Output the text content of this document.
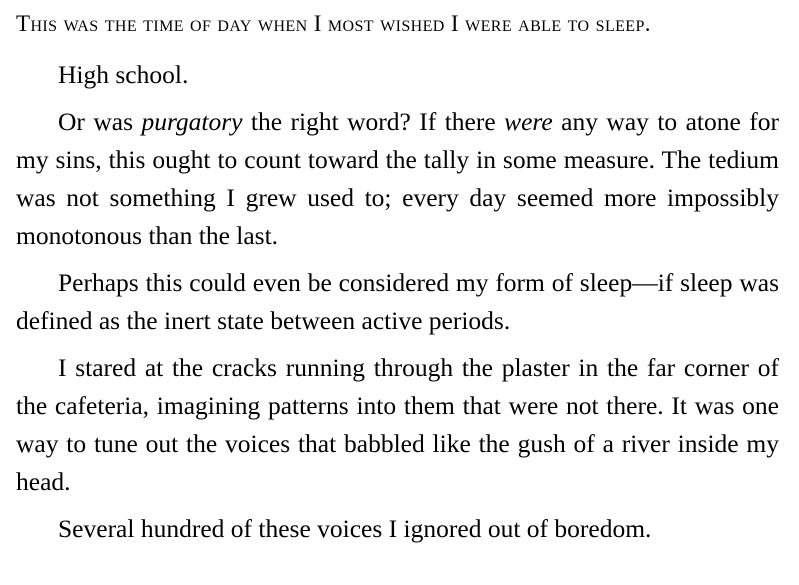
This was the time of day when I most wished I were able to sleep.

High school.

Or was purgatory the right word? If there were any way to atone for my sins, this ought to count toward the tally in some measure. The tedium was not something I grew used to; every day seemed more impossibly monotonous than the last.

Perhaps this could even be considered my form of sleep—if sleep was defined as the inert state between active periods.

I stared at the cracks running through the plaster in the far corner of the cafeteria, imagining patterns into them that were not there. It was one way to tune out the voices that babbled like the gush of a river inside my head.

Several hundred of these voices I ignored out of boredom.
